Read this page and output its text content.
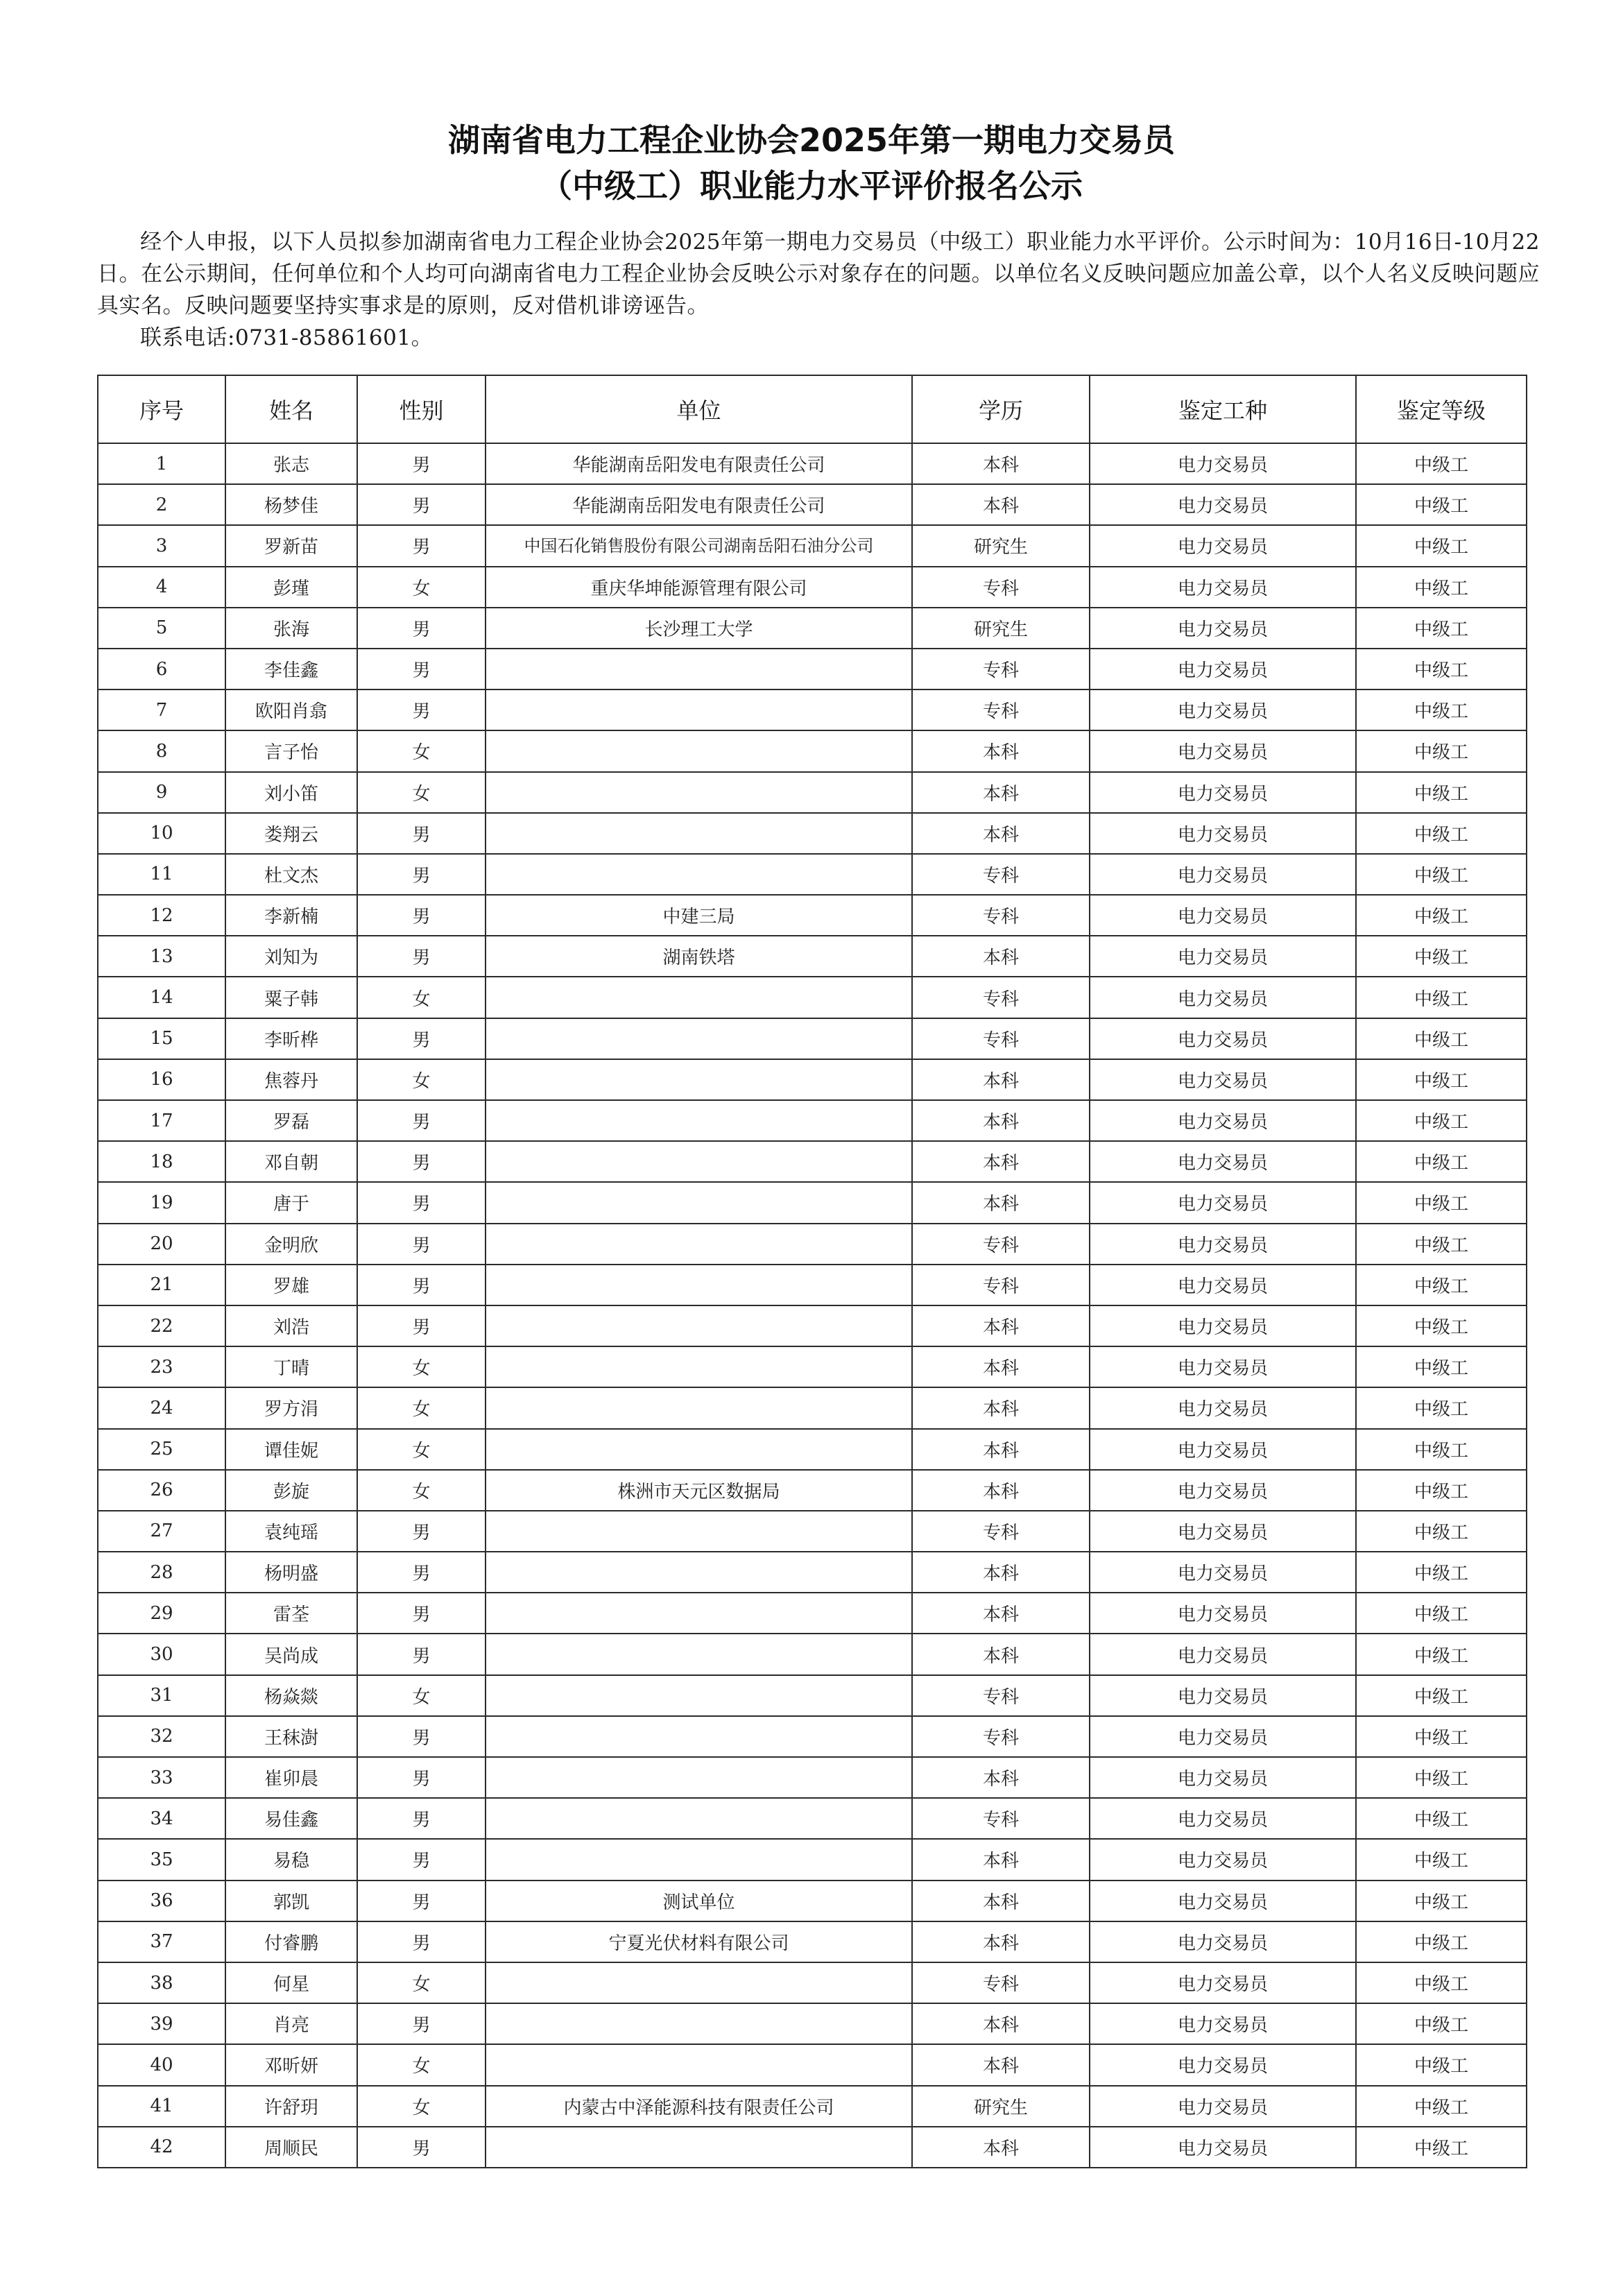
湖南省电力工程企业协会2025年第一期电力交易员
（中级工）职业能力水平评价报名公示

经个人申报，以下人员拟参加湖南省电力工程企业协会2025年第一期电力交易员（中级工）职业能力水平评价。公示时间为：10月16日-10月22日。在公示期间，任何单位和个人均可向湖南省电力工程企业协会反映公示对象存在的问题。以单位名义反映问题应加盖公章，以个人名义反映问题应具实名。反映问题要坚持实事求是的原则，反对借机诽谤诬告。

联系电话:0731-85861601。

序号	姓名	性别	单位	学历	鉴定工种	鉴定等级
1	张志	男	华能湖南岳阳发电有限责任公司	本科	电力交易员	中级工
2	杨梦佳	男	华能湖南岳阳发电有限责任公司	本科	电力交易员	中级工
3	罗新苗	男	中国石化销售股份有限公司湖南岳阳石油分公司	研究生	电力交易员	中级工
4	彭瑾	女	重庆华坤能源管理有限公司	专科	电力交易员	中级工
5	张海	男	长沙理工大学	研究生	电力交易员	中级工
6	李佳鑫	男		专科	电力交易员	中级工
7	欧阳肖翕	男		专科	电力交易员	中级工
8	言子怡	女		本科	电力交易员	中级工
9	刘小笛	女		本科	电力交易员	中级工
10	娄翔云	男		本科	电力交易员	中级工
11	杜文杰	男		专科	电力交易员	中级工
12	李新楠	男	中建三局	专科	电力交易员	中级工
13	刘知为	男	湖南铁塔	本科	电力交易员	中级工
14	粟子韩	女		专科	电力交易员	中级工
15	李昕桦	男		专科	电力交易员	中级工
16	焦蓉丹	女		本科	电力交易员	中级工
17	罗磊	男		本科	电力交易员	中级工
18	邓自朝	男		本科	电力交易员	中级工
19	唐于	男		本科	电力交易员	中级工
20	金明欣	男		专科	电力交易员	中级工
21	罗雄	男		专科	电力交易员	中级工
22	刘浩	男		本科	电力交易员	中级工
23	丁晴	女		本科	电力交易员	中级工
24	罗方涓	女		本科	电力交易员	中级工
25	谭佳妮	女		本科	电力交易员	中级工
26	彭旋	女	株洲市天元区数据局	本科	电力交易员	中级工
27	袁纯瑶	男		专科	电力交易员	中级工
28	杨明盛	男		本科	电力交易员	中级工
29	雷荃	男		本科	电力交易员	中级工
30	吴尚成	男		本科	电力交易员	中级工
31	杨焱燚	女		专科	电力交易员	中级工
32	王秣澍	男		专科	电力交易员	中级工
33	崔卯晨	男		本科	电力交易员	中级工
34	易佳鑫	男		专科	电力交易员	中级工
35	易稳	男		本科	电力交易员	中级工
36	郭凯	男	测试单位	本科	电力交易员	中级工
37	付睿鹏	男	宁夏光伏材料有限公司	本科	电力交易员	中级工
38	何星	女		专科	电力交易员	中级工
39	肖亮	男		本科	电力交易员	中级工
40	邓昕妍	女		本科	电力交易员	中级工
41	许舒玥	女	内蒙古中泽能源科技有限责任公司	研究生	电力交易员	中级工
42	周顺民	男		本科	电力交易员	中级工
